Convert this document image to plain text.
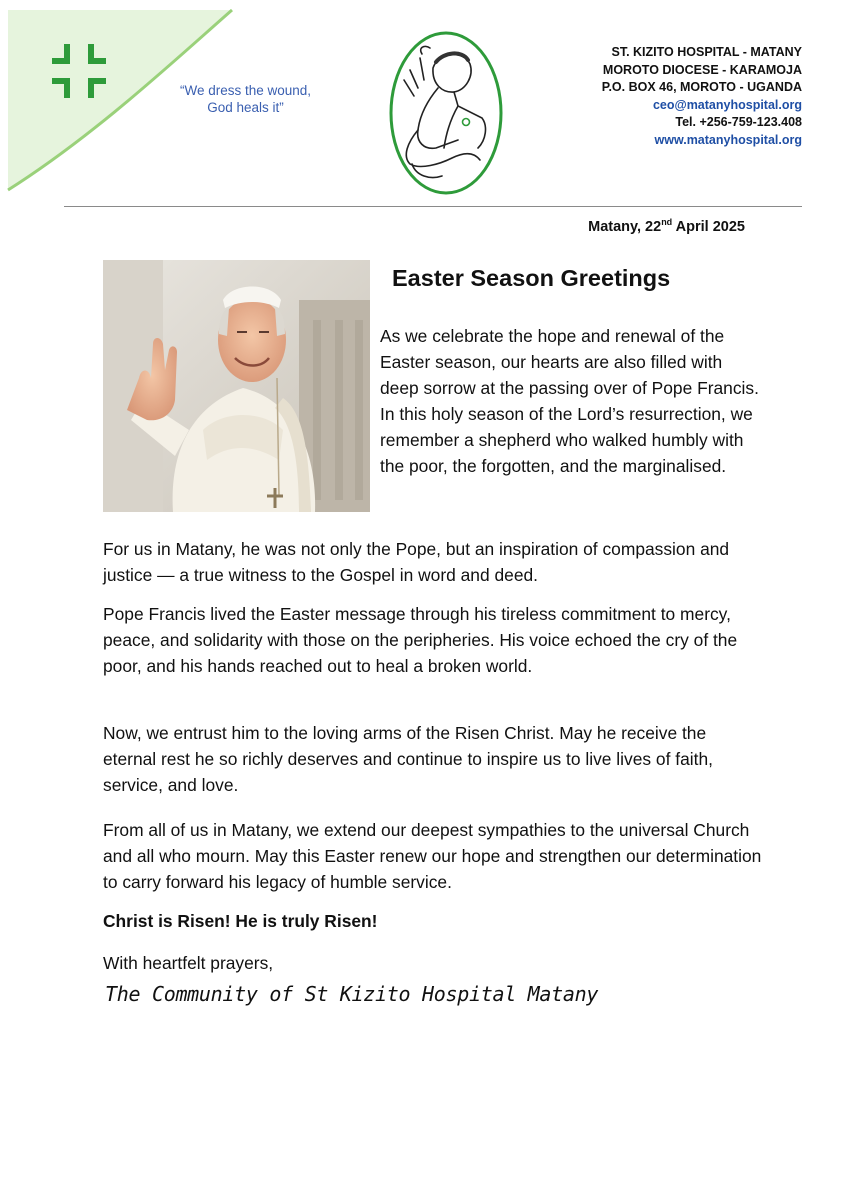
“We dress the wound,
God heals it”
ST. KIZITO HOSPITAL - MATANY
MOROTO DIOCESE - KARAMOJA
P.O. BOX 46, MOROTO - UGANDA
ceo@matanyhospital.org
Tel. +256-759-123.408
www.matanyhospital.org
Matany, 22nd April 2025
Easter Season Greetings
As we celebrate the hope and renewal of the Easter season, our hearts are also filled with deep sorrow at the passing over of Pope Francis. In this holy season of the Lord’s resurrection, we remember a shepherd who walked humbly with the poor, the forgotten, and the marginalised.
For us in Matany, he was not only the Pope, but an inspiration of compassion and justice — a true witness to the Gospel in word and deed.
Pope Francis lived the Easter message through his tireless commitment to mercy, peace, and solidarity with those on the peripheries. His voice echoed the cry of the poor, and his hands reached out to heal a broken world.
Now, we entrust him to the loving arms of the Risen Christ. May he receive the eternal rest he so richly deserves and continue to inspire us to live lives of faith, service, and love.
From all of us in Matany, we extend our deepest sympathies to the universal Church and all who mourn. May this Easter renew our hope and strengthen our determination to carry forward his legacy of humble service.
Christ is Risen! He is truly Risen!
With heartfelt prayers,
The Community of St Kizito Hospital Matany
